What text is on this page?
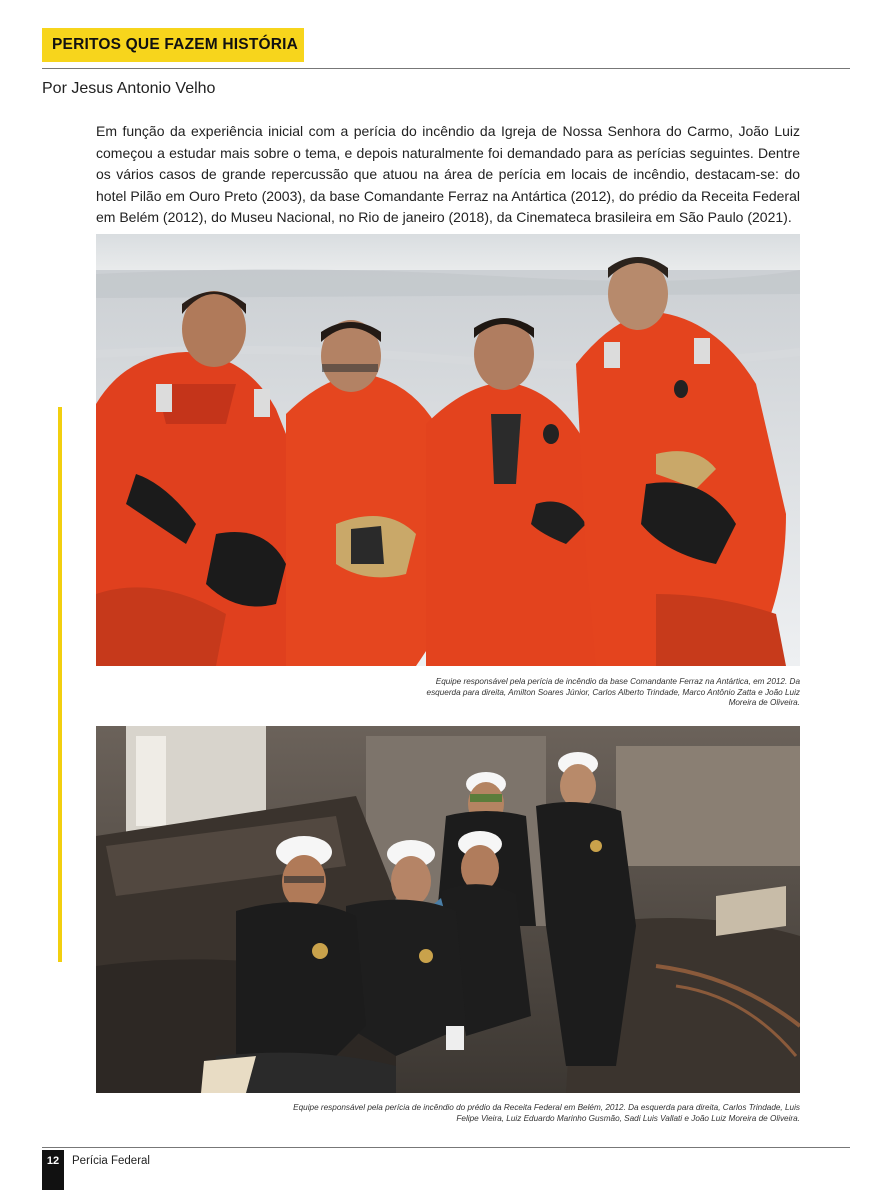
PERITOS QUE FAZEM HISTÓRIA
Por Jesus Antonio Velho

Em função da experiência inicial com a perícia do incêndio da Igreja de Nossa Senhora do Carmo, João Luiz começou a estudar mais sobre o tema, e depois naturalmente foi demandado para as perícias seguintes. Dentre os vários casos de grande repercussão que atuou na área de perícia em locais de incêndio, destacam-se: do hotel Pilão em Ouro Preto (2003), da base Comandante Ferraz na Antártica (2012), do prédio da Receita Federal em Belém (2012), do Museu Nacional, no Rio de janeiro (2018), da Cinemateca brasileira em São Paulo (2021).

Equipe responsável pela perícia de incêndio da base Comandante Ferraz na Antártica, em 2012. Da esquerda para direita, Amilton Soares Júnior, Carlos Alberto Trindade, Marco Antônio Zatta e João Luiz Moreira de Oliveira.

Equipe responsável pela perícia de incêndio do prédio da Receita Federal em Belém, 2012. Da esquerda para direita, Carlos Trindade, Luis Felipe Vieira, Luiz Eduardo Marinho Gusmão, Sadi Luis Vallati e João Luiz Moreira de Oliveira.

12	Perícia Federal
